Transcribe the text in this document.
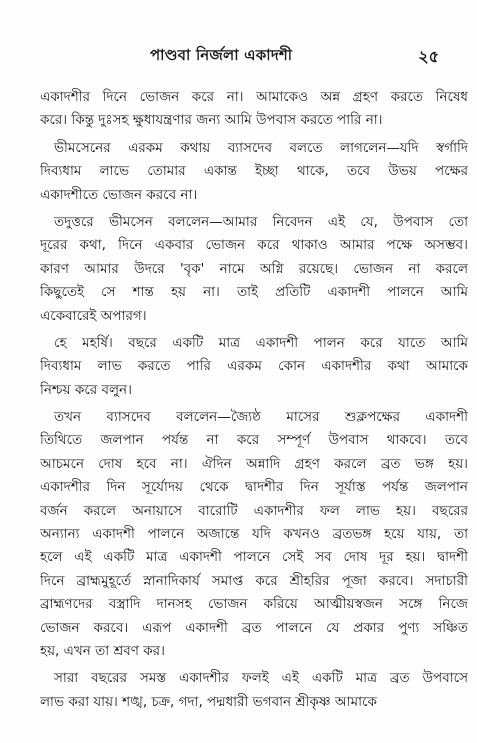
পাণ্ডবা নির্জলা একাদশী	২৫
একাদশীর দিনে ভোজন করে না। আমাকেও অন্ন গ্রহণ করতে নিষেধ
করে। কিন্তু দুঃসহ ক্ষুধাযন্ত্রণার জন্য আমি উপবাস করতে পারি না।
ভীমসেনের এরকম কথায় ব্যাসদেব বলতে লাগলেন—যদি স্বর্গাদি
দিব্যধাম লাভে তোমার একান্ত ইচ্ছা থাকে, তবে উভয় পক্ষের
একাদশীতে ভোজন করবে না।
তদুত্তরে ভীমসেন বললেন—আমার নিবেদন এই যে, উপবাস তো
দূরের কথা, দিনে একবার ভোজন করে থাকাও আমার পক্ষে অসম্ভব।
কারণ আমার উদরে 'বৃক' নামে অগ্নি রয়েছে। ভোজন না করলে
কিছুতেই সে শান্ত হয় না। তাই প্রতিটি একাদশী পালনে আমি
একেবারেই অপারগ।
হে মহর্ষি। বছরে একটি মাত্র একাদশী পালন করে যাতে আমি
দিব্যধাম লাভ করতে পারি এরকম কোন একাদশীর কথা আমাকে
নিশ্চয় করে বলুন।
তখন ব্যাসদেব বললেন—জ্যৈষ্ঠ মাসের শুক্লপক্ষের একাদশী
তিথিতে জলপান পর্যন্ত না করে সম্পূর্ণ উপবাস থাকবে। তবে
আচমনে দোষ হবে না। ঐদিন অন্নাদি গ্রহণ করলে ব্রত ভঙ্গ হয়।
একাদশীর দিন সূর্যোদয় থেকে দ্বাদশীর দিন সূর্যাস্ত পর্যন্ত জলপান
বর্জন করলে অনায়াসে বারোটি একাদশীর ফল লাভ হয়। বছরের
অন্যান্য একাদশী পালনে অজান্তে যদি কখনও ব্রতভঙ্গ হয়ে যায়, তা
হলে এই একটি মাত্র একাদশী পালনে সেই সব দোষ দূর হয়। দ্বাদশী
দিনে ব্রাহ্মমুহূর্তে স্নানাদিকার্য সমাপ্ত করে শ্রীহরির পূজা করবে। সদাচারী
ব্রাহ্মণদের বস্ত্রাদি দানসহ ভোজন করিয়ে আত্মীয়স্বজন সঙ্গে নিজে
ভোজন করবে। এরূপ একাদশী ব্রত পালনে যে প্রকার পুণ্য সঞ্চিত
হয়, এখন তা শ্রবণ কর।
সারা বছরের সমস্ত একাদশীর ফলই এই একটি মাত্র ব্রত উপবাসে
লাভ করা যায়। শঙ্খ, চক্র, গদা, পদ্মধারী ভগবান শ্রীকৃষ্ণ আমাকে
